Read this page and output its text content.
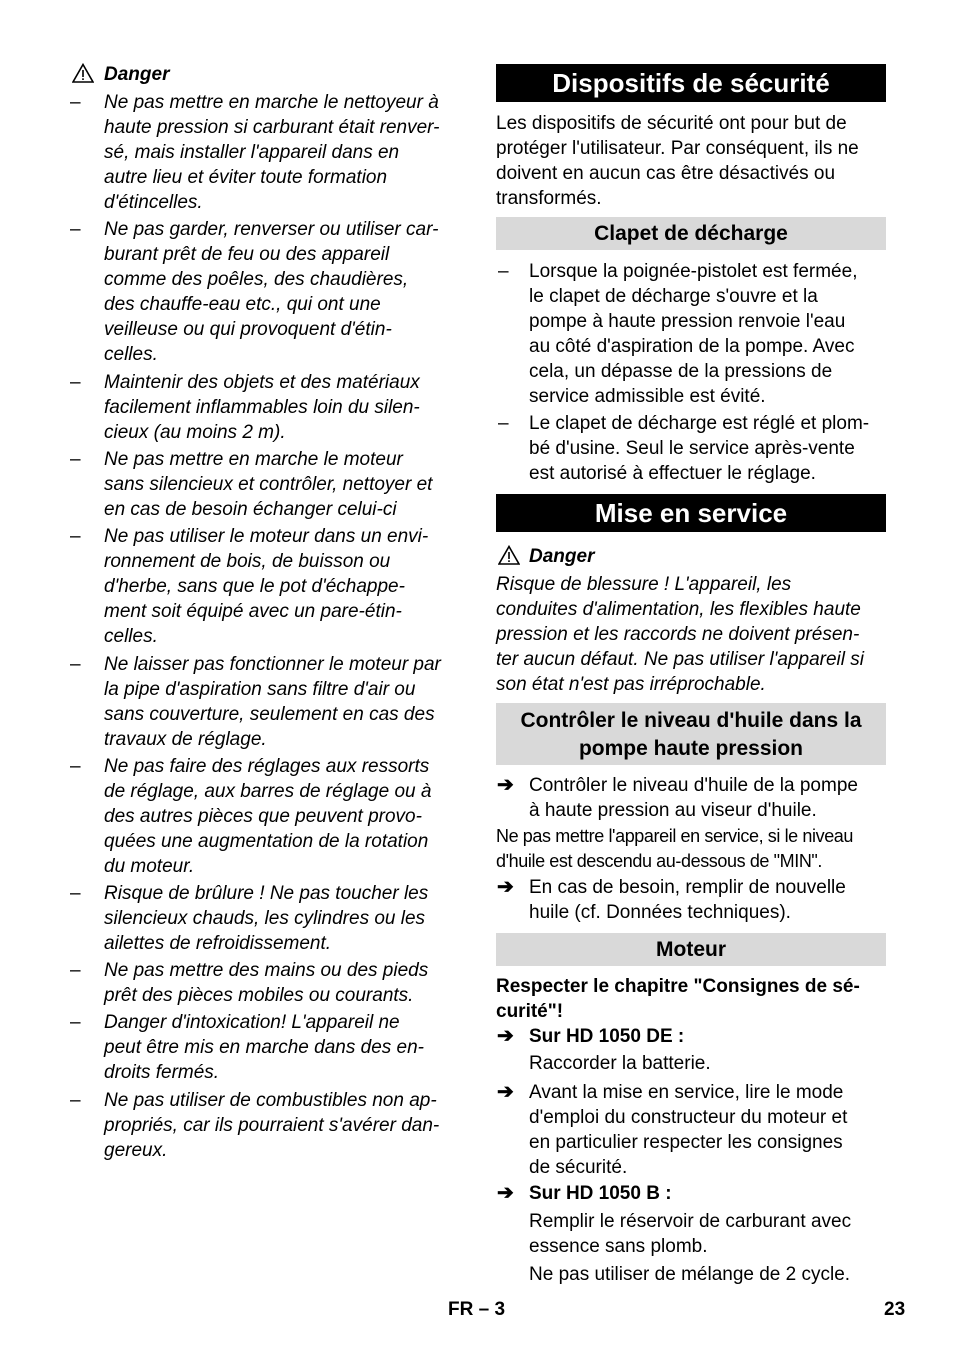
Danger
– Ne pas mettre en marche le nettoyeur à
haute pression si carburant était renver-
sé, mais installer l'appareil dans en
autre lieu et éviter toute formation
d'étincelles.
– Ne pas garder, renverser ou utiliser car-
burant prêt de feu ou des appareil
comme des poêles, des chaudières,
des chauffe-eau etc., qui ont une
veilleuse ou qui provoquent d'étin-
celles.
– Maintenir des objets et des matériaux
facilement inflammables loin du silen-
cieux (au moins 2 m).
– Ne pas mettre en marche le moteur
sans silencieux et contrôler, nettoyer et
en cas de besoin échanger celui-ci
– Ne pas utiliser le moteur dans un envi-
ronnement de bois, de buisson ou
d'herbe, sans que le pot d'échappe-
ment soit équipé avec un pare-étin-
celles.
– Ne laisser pas fonctionner le moteur par
la pipe d'aspiration sans filtre d'air ou
sans couverture, seulement en cas des
travaux de réglage.
– Ne pas faire des réglages aux ressorts
de réglage, aux barres de réglage ou à
des autres pièces que peuvent provo-
quées une augmentation de la rotation
du moteur.
– Risque de brûlure ! Ne pas toucher les
silencieux chauds, les cylindres ou les
ailettes de refroidissement.
– Ne pas mettre des mains ou des pieds
prêt des pièces mobiles ou courants.
– Danger d'intoxication! L'appareil ne
peut être mis en marche dans des en-
droits fermés.
– Ne pas utiliser de combustibles non ap-
propriés, car ils pourraient s'avérer dan-
gereux.
Dispositifs de sécurité
Les dispositifs de sécurité ont pour but de
protéger l'utilisateur. Par conséquent, ils ne
doivent en aucun cas être désactivés ou
transformés.
Clapet de décharge
– Lorsque la poignée-pistolet est fermée,
le clapet de décharge s'ouvre et la
pompe à haute pression renvoie l'eau
au côté d'aspiration de la pompe. Avec
cela, un dépasse de la pressions de
service admissible est évité.
– Le clapet de décharge est réglé et plom-
bé d'usine. Seul le service après-vente
est autorisé à effectuer le réglage.
Mise en service
Danger
Risque de blessure ! L'appareil, les
conduites d'alimentation, les flexibles haute
pression et les raccords ne doivent présen-
ter aucun défaut. Ne pas utiliser l'appareil si
son état n'est pas irréprochable.
Contrôler le niveau d'huile dans la
pompe haute pression
➔ Contrôler le niveau d'huile de la pompe
à haute pression au viseur d'huile.
Ne pas mettre l'appareil en service, si le niveau
d'huile est descendu au-dessous de "MIN".
➔ En cas de besoin, remplir de nouvelle
huile (cf. Données techniques).
Moteur
Respecter le chapitre "Consignes de sé-
curité"!
➔ Sur HD 1050 DE :
Raccorder la batterie.
➔ Avant la mise en service, lire le mode
d'emploi du constructeur du moteur et
en particulier respecter les consignes
de sécurité.
➔ Sur HD 1050 B :
Remplir le réservoir de carburant avec
essence sans plomb.
Ne pas utiliser de mélange de 2 cycle.
FR – 3	23
